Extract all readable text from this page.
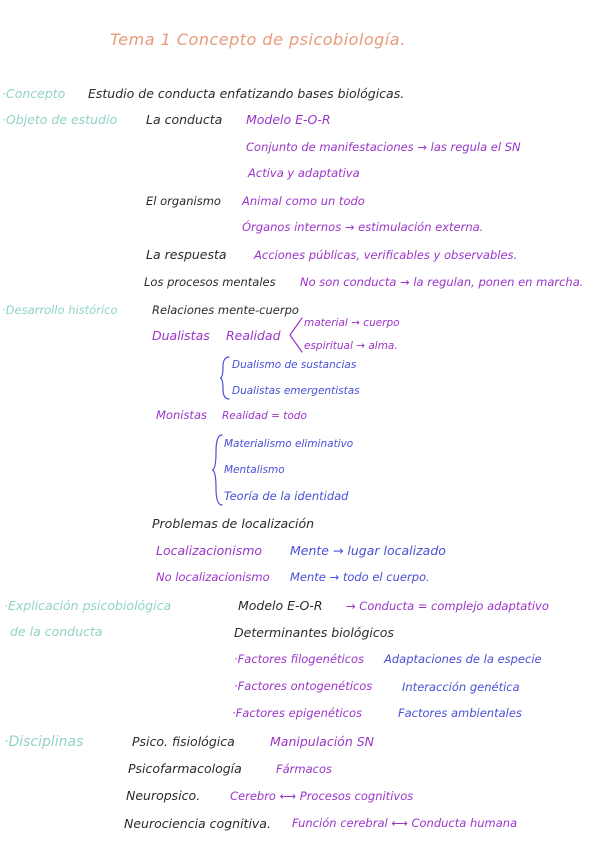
Tema 1 Concepto de psicobiología.
·Concepto Estudio de conducta enfatizando bases biológicas.
·Objeto de estudio La conducta Modelo E-O-R
Conjunto de manifestaciones → las regula el SN
Activa y adaptativa
El organismo Animal como un todo
Órganos internos → estimulación externa.
La respuesta Acciones públicas, verificables y observables.
Los procesos mentales No son conducta → la regulan, ponen en marcha.
·Desarrollo histórico	Relaciones mente-cuerpo
Dualistas Realidad
material → cuerpo
espiritual → alma.
Dualismo de sustancias
Dualistas emergentistas
Monistas Realidad = todo
Materialismo eliminativo
Mentalismo
Teoría de la identidad
Problemas de localización
Localizacionismo Mente → lugar localizado
No localizacionismo Mente → todo el cuerpo.
·Explicación psicobiológica
de la conducta
Modelo E-O-R → Conducta = complejo adaptativo
Determinantes biológicos
·Factores filogenéticos Adaptaciones de la especie
·Factores ontogenéticos	Interacción genética
·Factores epigenéticos	Factores ambientales
·Disciplinas	Psico. fisiológica	Manipulación SN
Psicofarmacología	Fármacos
Neuropsico.	Cerebro ⟷ Procesos cognitivos
Neurociencia cognitiva. Función cerebral ⟷ Conducta humana
